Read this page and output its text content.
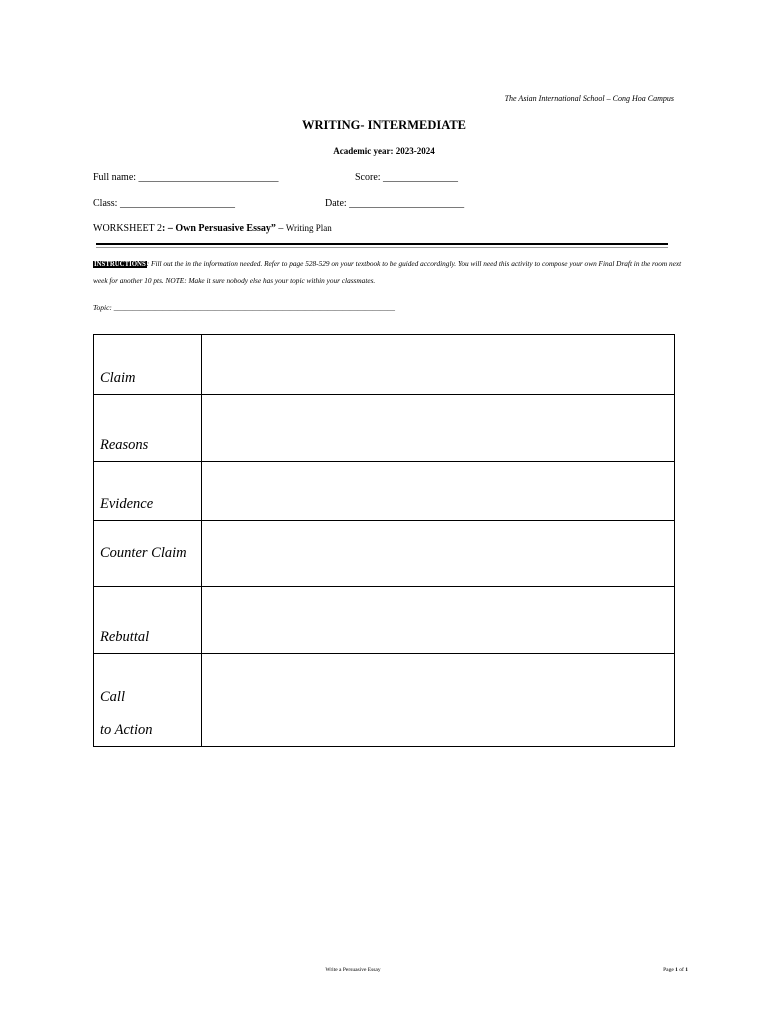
The Asian International School – Cong Hoa Campus
WRITING- INTERMEDIATE
Academic year: 2023-2024
Full name: ____________________________	Score: _______________
Class: _______________________	Date: _______________________
WORKSHEET 2: – Own Persuasive Essay” – Writing Plan
INSTRUCTIONS: Fill out the in the information needed. Refer to page 528-529 on your textbook to be guided accordingly. You will need this activity to compose your own Final Draft in the room next week for another 10 pts. NOTE: Make it sure nobody else has your topic within your classmates.
Topic: ___________________________________________________________________________
Claim	
Reasons	
Evidence	
Counter Claim	
Rebuttal	
Call
to Action	

Write a Persuasive Essay	Page 1 of 1
